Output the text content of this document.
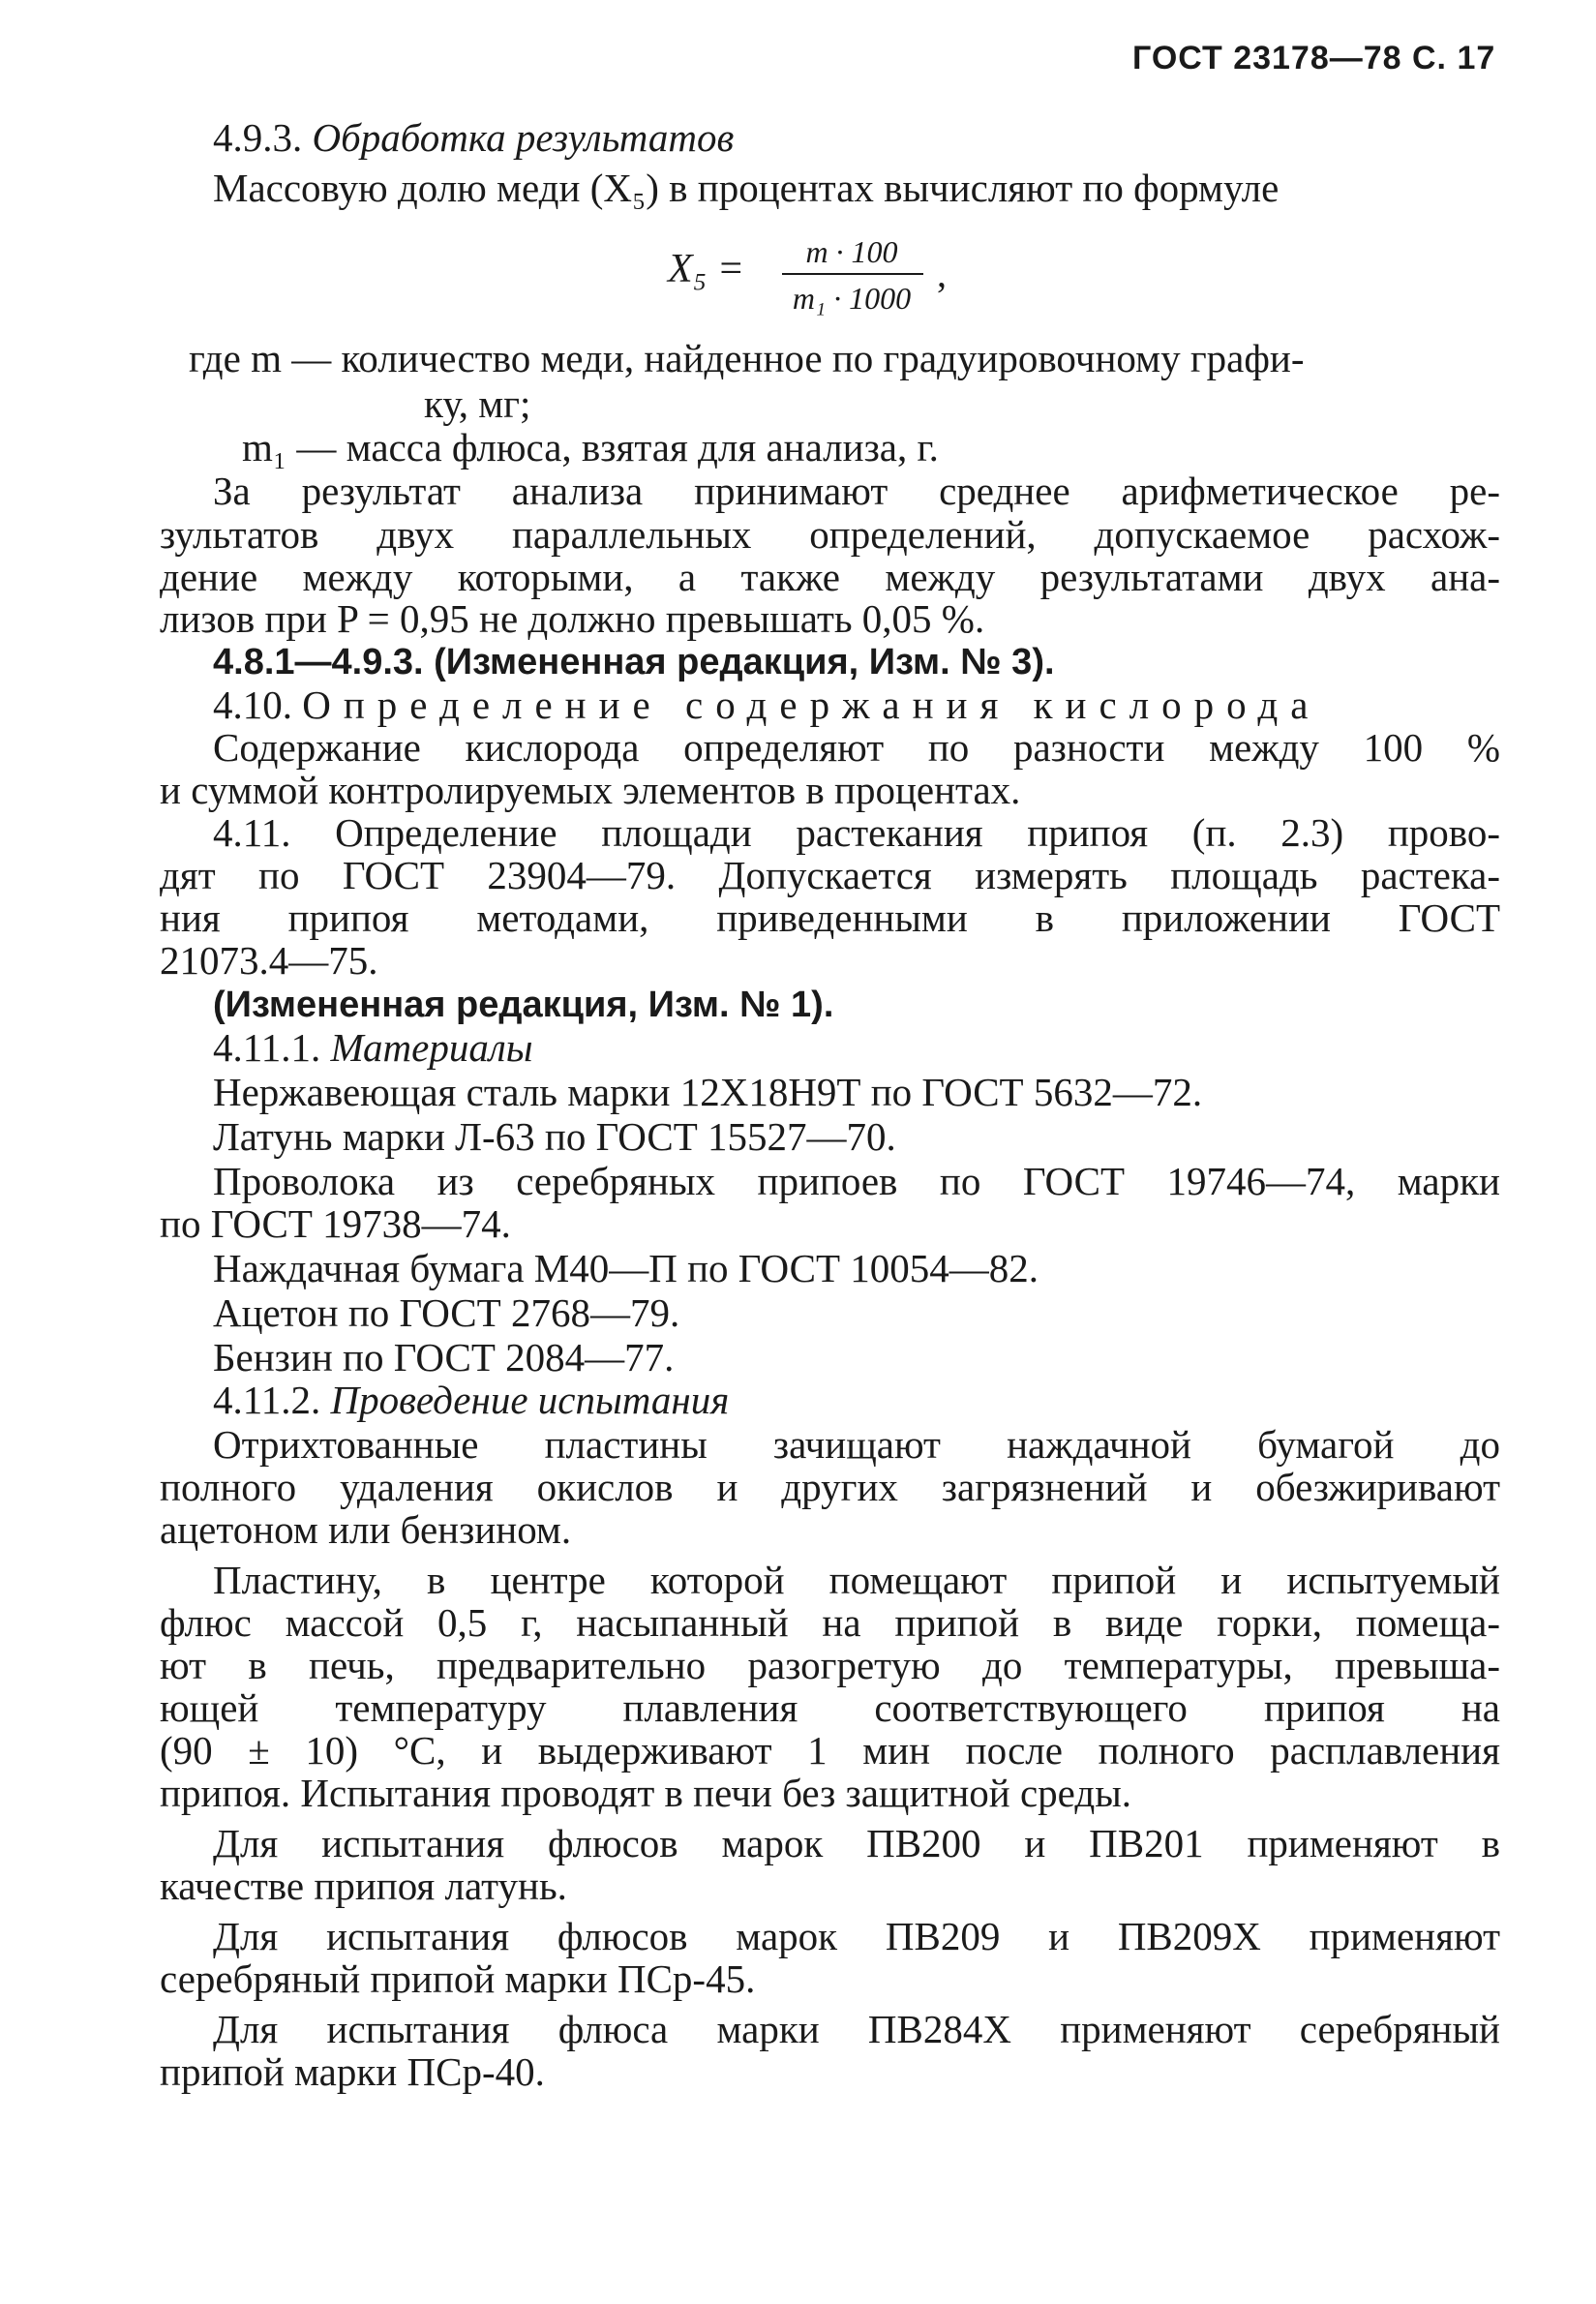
ГОСТ 23178—78 С. 17
4.9.3. Обработка результатов
Массовую долю меди (X₅) в процентах вычисляют по формуле
X₅ =	m · 100
m₁ · 1000
,
где m — количество меди, найденное по градуировочному графи-
ку, мг;
m₁ — масса флюса, взятая для анализа, г.
За результат анализа принимают среднее арифметическое ре-
зультатов двух параллельных определений, допускаемое расхож-
дение между которыми, а также между результатами двух ана-
лизов при P = 0,95 не должно превышать 0,05 %.
4.8.1—4.9.3. (Измененная редакция, Изм. № 3).
4.10. Определение содержания кислорода
Содержание кислорода определяют по разности между 100 %
и суммой контролируемых элементов в процентах.
4.11. Определение площади растекания припоя (п. 2.3) прово-
дят по ГОСТ 23904—79. Допускается измерять площадь растека-
ния припоя методами, приведенными в приложении ГОСТ
21073.4—75.
(Измененная редакция, Изм. № 1).
4.11.1. Материалы
Нержавеющая сталь марки 12Х18Н9Т по ГОСТ 5632—72.
Латунь марки Л-63 по ГОСТ 15527—70.
Проволока из серебряных припоев по ГОСТ 19746—74, марки
по ГОСТ 19738—74.
Наждачная бумага М40—П по ГОСТ 10054—82.
Ацетон по ГОСТ 2768—79.
Бензин по ГОСТ 2084—77.
4.11.2. Проведение испытания
Отрихтованные пластины зачищают наждачной бумагой до
полного удаления окислов и других загрязнений и обезжиривают
ацетоном или бензином.
Пластину, в центре которой помещают припой и испытуемый
флюс массой 0,5 г, насыпанный на припой в виде горки, помеща-
ют в печь, предварительно разогретую до температуры, превыша-
ющей температуру плавления соответствующего припоя на
(90 ± 10) °С, и выдерживают 1 мин после полного расплавления
припоя. Испытания проводят в печи без защитной среды.
Для испытания флюсов марок ПВ200 и ПВ201 применяют в
качестве припоя латунь.
Для испытания флюсов марок ПВ209 и ПВ209Х применяют
серебряный припой марки ПСр-45.
Для испытания флюса марки ПВ284Х применяют серебряный
припой марки ПСр-40.
